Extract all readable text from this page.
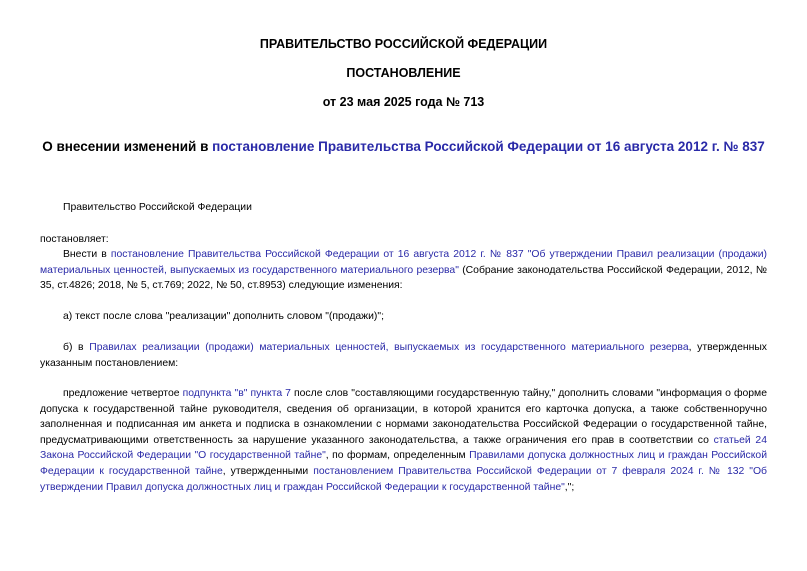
ПРАВИТЕЛЬСТВО РОССИЙСКОЙ ФЕДЕРАЦИИ
ПОСТАНОВЛЕНИЕ
от 23 мая 2025 года № 713
О внесении изменений в постановление Правительства Российской Федерации от 16 августа 2012 г. № 837
Правительство Российской Федерации
постановляет:
Внести в постановление Правительства Российской Федерации от 16 августа 2012 г. № 837 "Об утверждении Правил реализации (продажи) материальных ценностей, выпускаемых из государственного материального резерва" (Собрание законодательства Российской Федерации, 2012, № 35, ст.4826; 2018, № 5, ст.769; 2022, № 50, ст.8953) следующие изменения:
а) текст после слова "реализации" дополнить словом "(продажи)";
б) в Правилах реализации (продажи) материальных ценностей, выпускаемых из государственного материального резерва, утвержденных указанным постановлением:
предложение четвертое подпункта "в" пункта 7 после слов "составляющими государственную тайну," дополнить словами "информация о форме допуска к государственной тайне руководителя, сведения об организации, в которой хранится его карточка допуска, а также собственноручно заполненная и подписанная им анкета и подписка в ознакомлении с нормами законодательства Российской Федерации о государственной тайне, предусматривающими ответственность за нарушение указанного законодательства, а также ограничения его прав в соответствии со статьей 24 Закона Российской Федерации "О государственной тайне", по формам, определенным Правилами допуска должностных лиц и граждан Российской Федерации к государственной тайне, утвержденными постановлением Правительства Российской Федерации от 7 февраля 2024 г. № 132 "Об утверждении Правил допуска должностных лиц и граждан Российской Федерации к государственной тайне",";
